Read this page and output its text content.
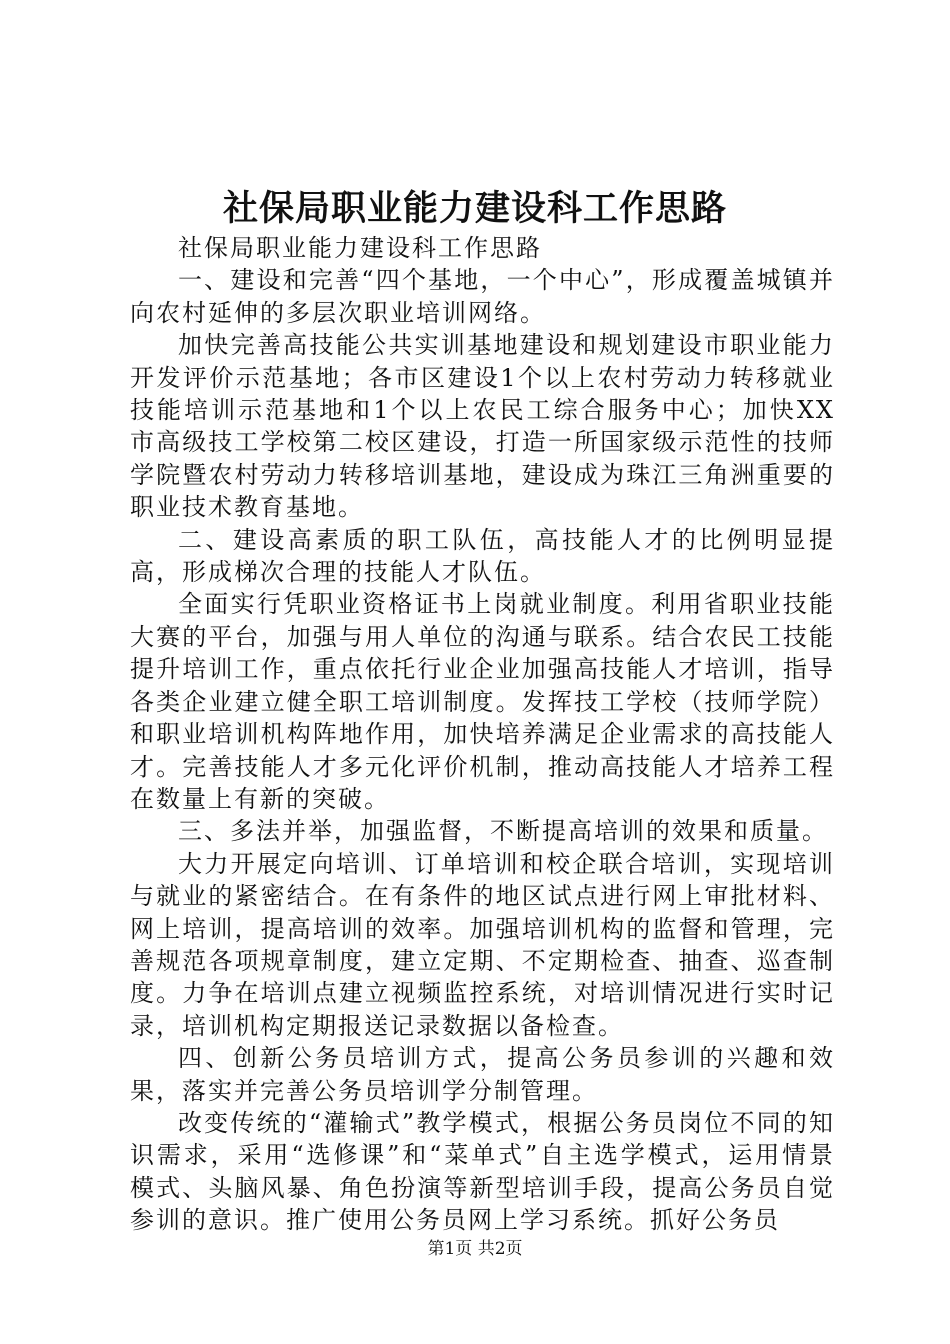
社保局职业能力建设科工作思路

社保局职业能力建设科工作思路

一、建设和完善“四个基地，一个中心”，形成覆盖城镇并向农村延伸的多层次职业培训网络。

加快完善高技能公共实训基地建设和规划建设市职业能力开发评价示范基地；各市区建设1个以上农村劳动力转移就业技能培训示范基地和1个以上农民工综合服务中心；加快XX市高级技工学校第二校区建设，打造一所国家级示范性的技师学院暨农村劳动力转移培训基地，建设成为珠江三角洲重要的职业技术教育基地。

二、建设高素质的职工队伍，高技能人才的比例明显提高，形成梯次合理的技能人才队伍。

全面实行凭职业资格证书上岗就业制度。利用省职业技能大赛的平台，加强与用人单位的沟通与联系。结合农民工技能提升培训工作，重点依托行业企业加强高技能人才培训，指导各类企业建立健全职工培训制度。发挥技工学校（技师学院）和职业培训机构阵地作用，加快培养满足企业需求的高技能人才。完善技能人才多元化评价机制，推动高技能人才培养工程在数量上有新的突破。

三、多法并举，加强监督，不断提高培训的效果和质量。

大力开展定向培训、订单培训和校企联合培训，实现培训与就业的紧密结合。在有条件的地区试点进行网上审批材料、网上培训，提高培训的效率。加强培训机构的监督和管理，完善规范各项规章制度，建立定期、不定期检查、抽查、巡查制度。力争在培训点建立视频监控系统，对培训情况进行实时记录，培训机构定期报送记录数据以备检查。

四、创新公务员培训方式，提高公务员参训的兴趣和效果，落实并完善公务员培训学分制管理。

改变传统的“灌输式”教学模式，根据公务员岗位不同的知识需求，采用“选修课”和“菜单式”自主选学模式，运用情景模式、头脑风暴、角色扮演等新型培训手段，提高公务员自觉参训的意识。推广使用公务员网上学习系统。抓好公务员

第1页 共2页
